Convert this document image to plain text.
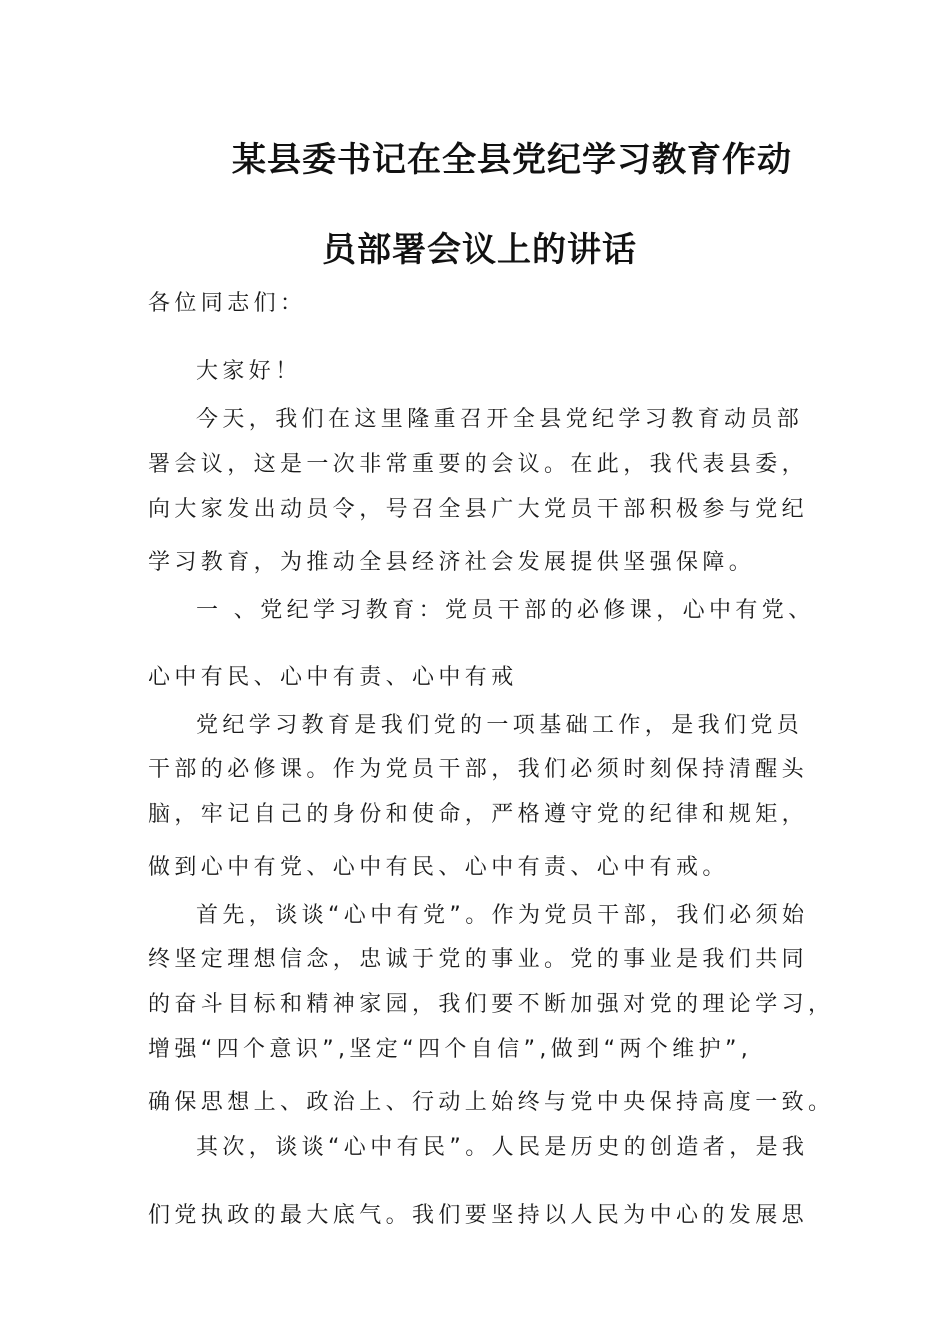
某县委书记在全县党纪学习教育作动
员部署会议上的讲话
各位同志们：
大家好！
今天，我们在这里隆重召开全县党纪学习教育动员部
署会议，这是一次非常重要的会议。在此，我代表县委，
向大家发出动员令，号召全县广大党员干部积极参与党纪
学习教育，为推动全县经济社会发展提供坚强保障。
一 、党纪学习教育：党员干部的必修课，心中有党、
心中有民、心中有责、心中有戒
党纪学习教育是我们党的一项基础工作，是我们党员
干部的必修课。作为党员干部，我们必须时刻保持清醒头
脑，牢记自己的身份和使命，严格遵守党的纪律和规矩，
做到心中有党、心中有民、心中有责、心中有戒。
首先，谈谈“心中有党”。作为党员干部，我们必须始
终坚定理想信念，忠诚于党的事业。党的事业是我们共同
的奋斗目标和精神家园，我们要不断加强对党的理论学习，
增强“四个意识”,坚定“四个自信”,做到“两个维护”,
确保思想上、政治上、行动上始终与党中央保持高度一致。
其次，谈谈“心中有民”。人民是历史的创造者，是我
们党执政的最大底气。我们要坚持以人民为中心的发展思
